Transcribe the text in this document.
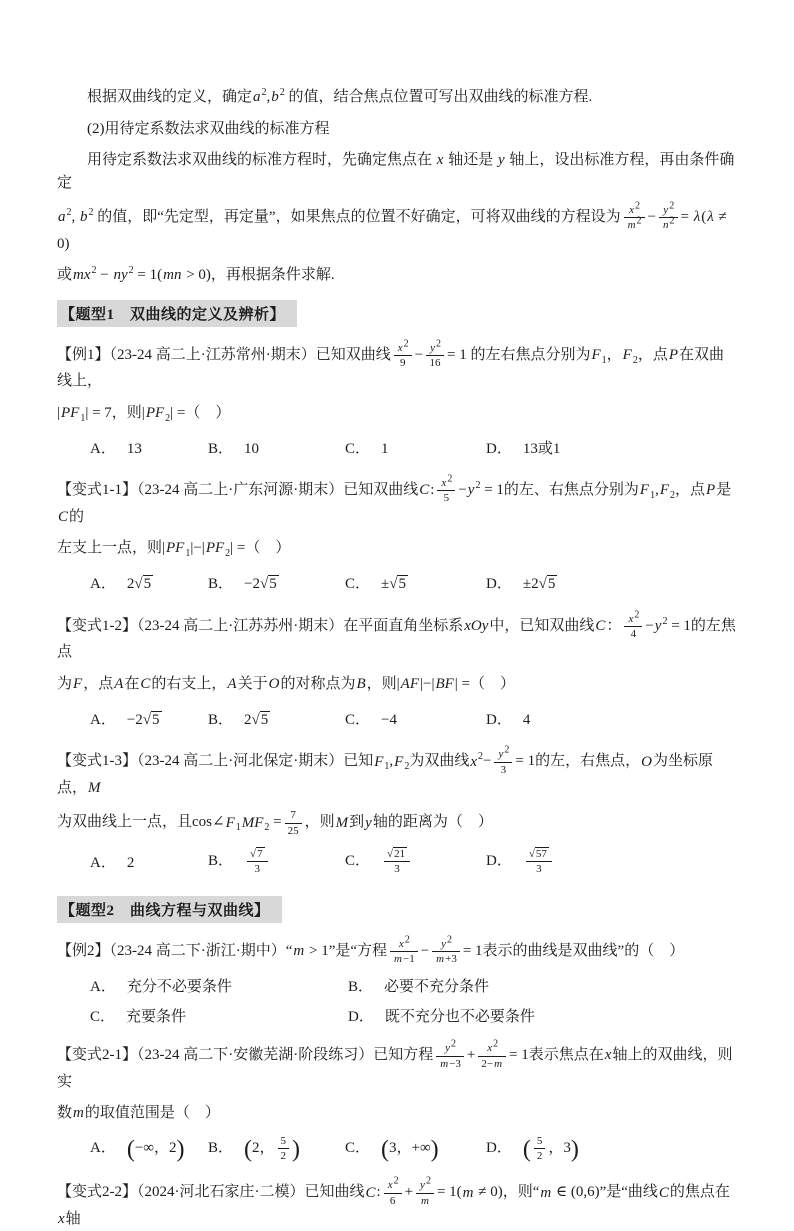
根据双曲线的定义，确定$a^2,b^2$ 的值，结合焦点位置可写出双曲线的标准方程.
(2)用待定系数法求双曲线的标准方程
用待定系数法求双曲线的标准方程时，先确定焦点在 x 轴还是 y 轴上，设出标准方程，再由条件确定
$a^2$, $b^2$ 的值，即“先定型，再定量”，如果焦点的位置不好确定，可将双曲线的方程设为 $\frac{x^2}{m^2} - \frac{y^2}{n^2} = \lambda(\lambda \ne 0)$
或$mx^2 - ny^2 = 1(mn > 0)$，再根据条件求解.
【题型1　双曲线的定义及辨析】
【例1】（23-24 高二上·江苏常州·期末）已知双曲线 $\frac{x^2}{9} - \frac{y^2}{16} = 1$ 的左右焦点分别为$F_1$，$F_2$，点P在双曲线上，
$|PF_1| = 7$，则$|PF_2|$ =（　）
A． 13	B． 10	C． 1	D． 13或1
【变式1-1】（23-24 高二上·广东河源·期末）已知双曲线C: $\frac{x^2}{5} -y^2 = 1$的左、右焦点分别为$F_1,F_2$，点P是C的
左支上一点，则$|PF_1|-|PF_2|$ =（　）
A． 2√5	B． −2√5	C． ±√5	D． ±2√5
【变式1-2】（23-24 高二上·江苏苏州·期末）在平面直角坐标系xOy中，已知双曲线C： $\frac{x^2}{4} -y^2 = 1$的左焦点
为F，点A在C的右支上，A关于O的对称点为B，则|AF|−|BF| =（　）
A． −2√5	B． 2√5	C． −4	D． 4
【变式1-3】（23-24 高二上·河北保定·期末）已知$F_1,F_2$为双曲线$x^2- \frac{y^2}{3} = 1$的左，右焦点，O为坐标原点，M
为双曲线上一点，且$\cos\angle F_1MF_2 = \frac{7}{25}$ ，则M到y轴的距离为（　）
A． 2	B． $\frac{√7}{3}$	C． $\frac{√21}{3}$	D． $\frac{√57}{3}$
【题型2　曲线方程与双曲线】
【例2】（23-24 高二下·浙江·期中）“m > 1”是“方程 $\frac{x^2}{m-1} - \frac{y^2}{m+3} = 1$表示的曲线是双曲线”的（　）
A． 充分不必要条件	B． 必要不充分条件
C． 充要条件	D． 既不充分也不必要条件
【变式2-1】（23-24 高二下·安徽芜湖·阶段练习）已知方程 $\frac{y^2}{m-3} + \frac{x^2}{2-m} = 1$表示焦点在x轴上的双曲线，则实
数m的取值范围是（　）
A． (−∞，2)	B． (2， $\frac{5}{2}$ )	C． (3，+∞)	D． ( $\frac{5}{2}$ ，3)
【变式2-2】（2024·河北石家庄·二模）已知曲线C: $\frac{x^2}{6} + \frac{y^2}{m} = 1(m \ne 0)$，则“m ∈ (0,6)”是“曲线C的焦点在x轴
